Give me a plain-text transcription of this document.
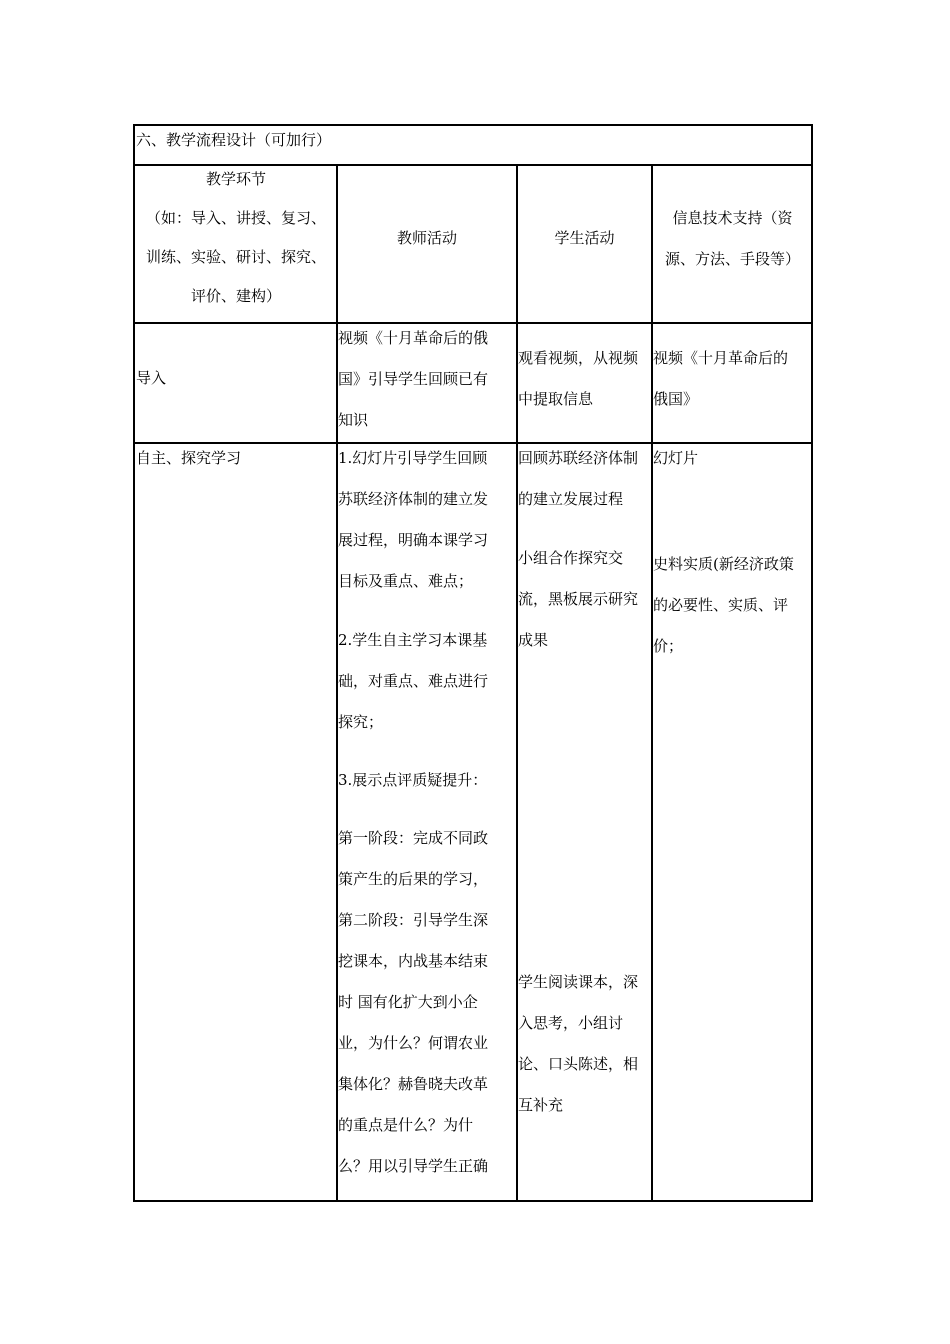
六、教学流程设计（可加行）
教学环节
（如：导入、讲授、复习、
训练、实验、研讨、探究、
评价、建构）
教师活动	学生活动
信息技术支持（资
源、方法、手段等）
导入
视频《十月革命后的俄
国》引导学生回顾已有
知识
观看视频，从视频
中提取信息
视频《十月革命后的
俄国》
自主、探究学习	1.幻灯片引导学生回顾
苏联经济体制的建立发
展过程，明确本课学习
目标及重点、难点；
2.学生自主学习本课基
础，对重点、难点进行
探究；
3.展示点评质疑提升：
第一阶段：完成不同政
策产生的后果的学习，
第二阶段：引导学生深
挖课本，内战基本结束
时 国有化扩大到小企
业，为什么？何谓农业
集体化？赫鲁晓夫改革
的重点是什么？为什
么？用以引导学生正确
回顾苏联经济体制
的建立发展过程
小组合作探究交
流，黑板展示研究
成果
学生阅读课本，深
入思考，小组讨
论、口头陈述，相
互补充
幻灯片
史料实质(新经济政策
的必要性、实质、评
价；
